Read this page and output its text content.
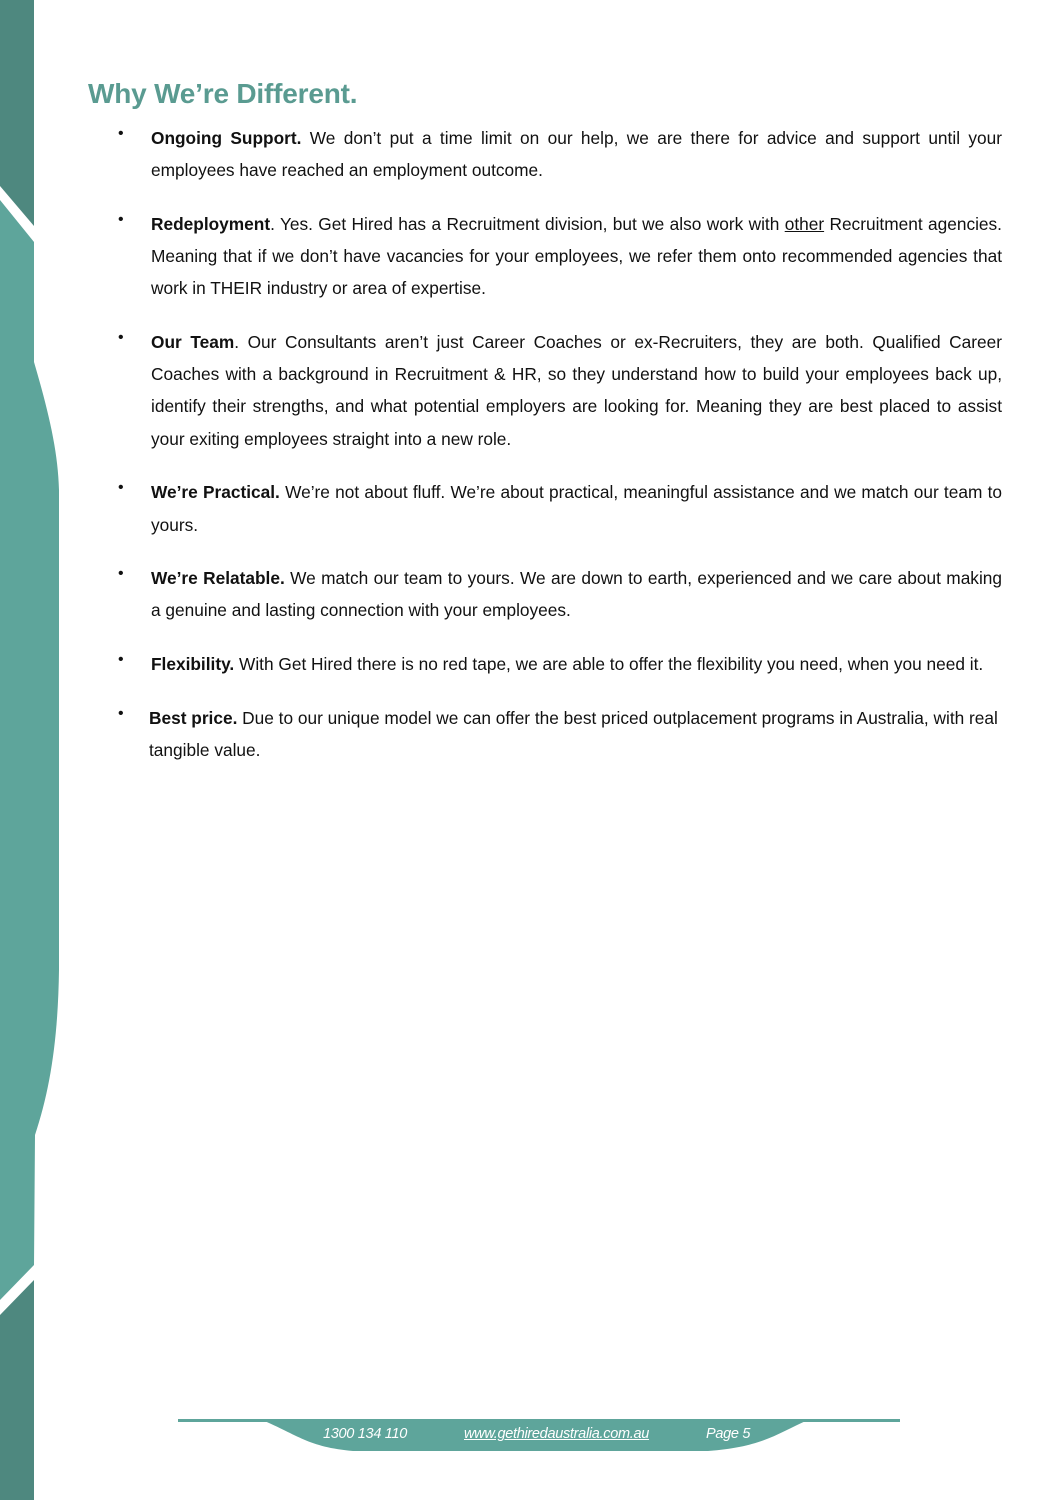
Why We’re Different.
• Ongoing Support. We don’t put a time limit on our help, we are there for advice and support until your employees have reached an employment outcome.
• Redeployment. Yes. Get Hired has a Recruitment division, but we also work with other Recruitment agencies. Meaning that if we don’t have vacancies for your employees, we refer them onto recommended agencies that work in THEIR industry or area of expertise.
• Our Team. Our Consultants aren’t just Career Coaches or ex-Recruiters, they are both. Qualified Career Coaches with a background in Recruitment & HR, so they understand how to build your employees back up, identify their strengths, and what potential employers are looking for. Meaning they are best placed to assist your exiting employees straight into a new role.
• We’re Practical. We’re not about fluff. We’re about practical, meaningful assistance and we match our team to yours.
• We’re Relatable. We match our team to yours. We are down to earth, experienced and we care about making a genuine and lasting connection with your employees.
• Flexibility. With Get Hired there is no red tape, we are able to offer the flexibility you need, when you need it.
• Best price. Due to our unique model we can offer the best priced outplacement programs in Australia, with real tangible value.
1300 134 110	www.gethiredaustralia.com.au	Page 5
